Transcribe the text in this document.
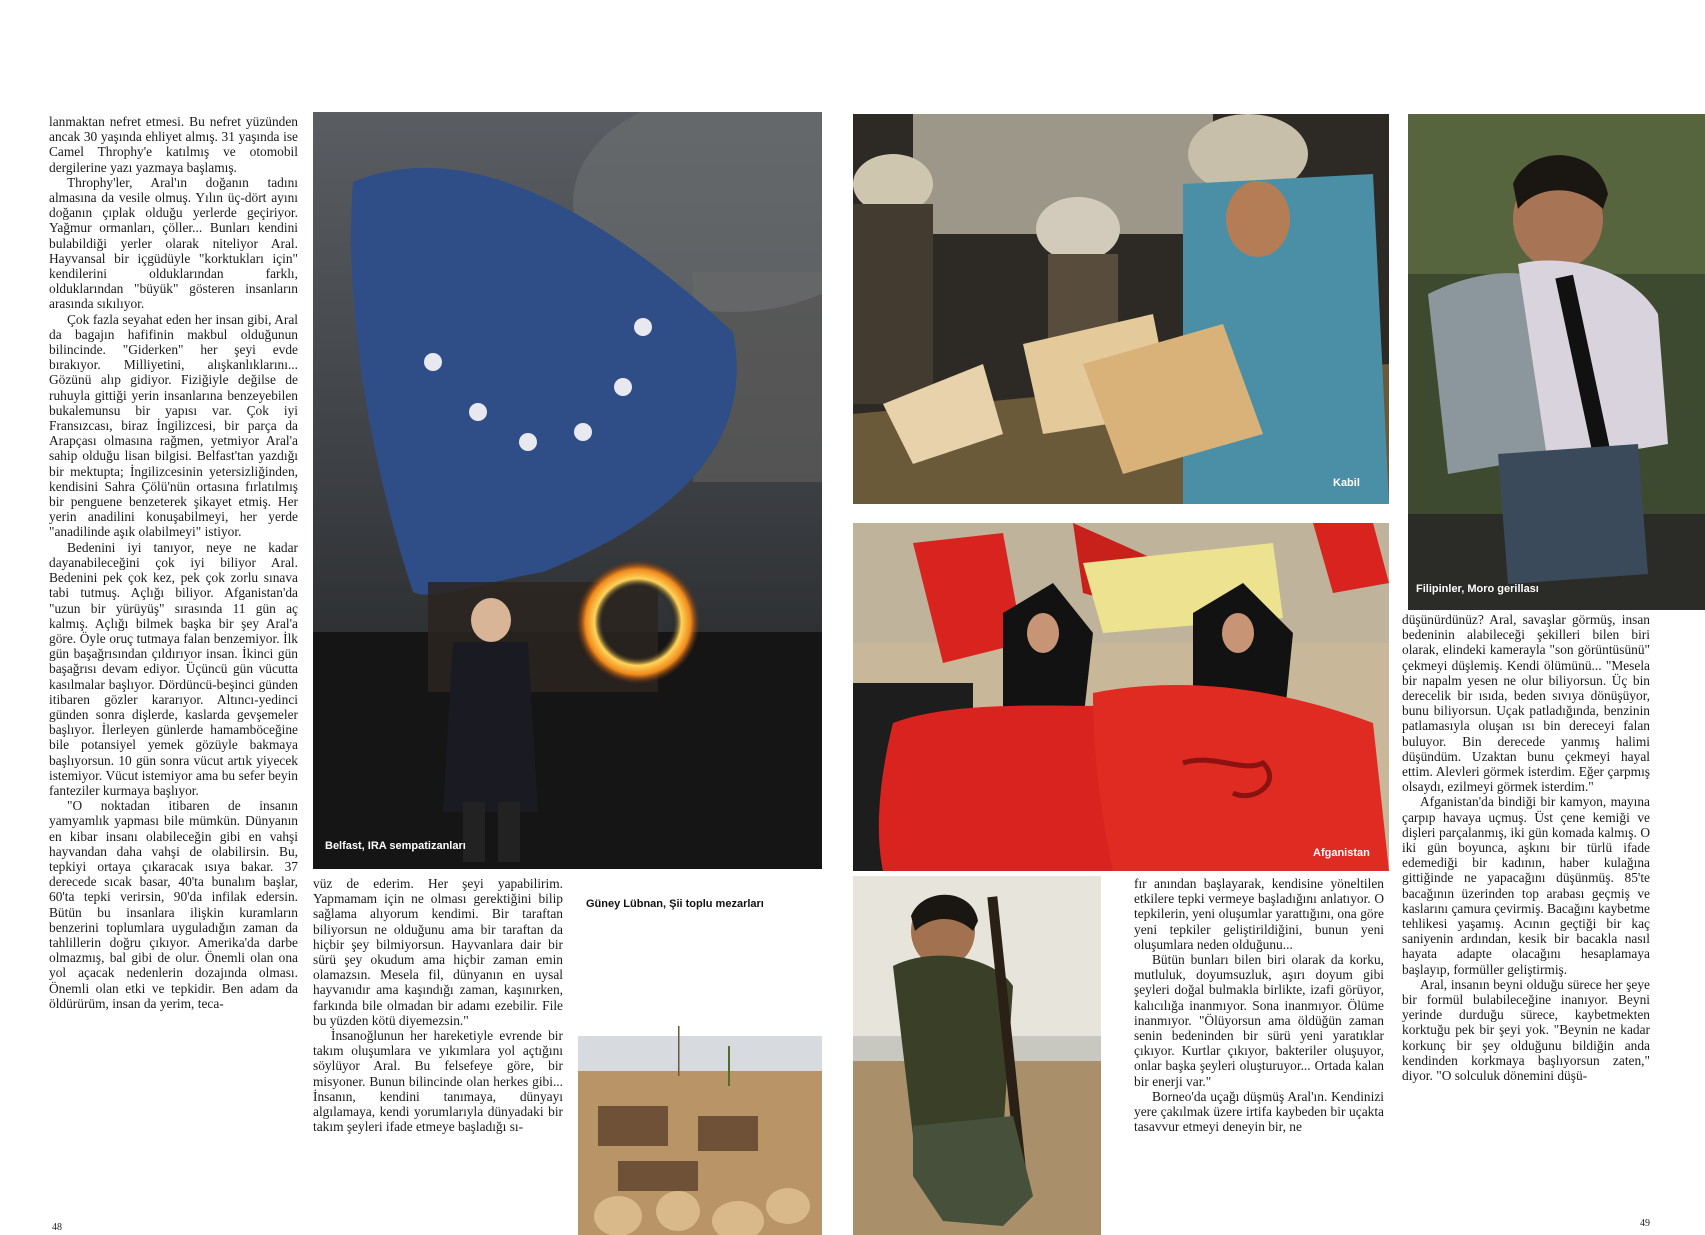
lanmaktan nefret etmesi. Bu nefret yüzünden ancak 30 yaşında ehliyet almış. 31 yaşında ise Camel Throphy'e katılmış ve otomobil dergilerine yazı yazmaya başlamış.

Throphy'ler, Aral'ın doğanın tadını almasına da vesile olmuş. Yılın üç-dört ayını doğanın çıplak olduğu yerlerde geçiriyor. Yağmur ormanları, çöller... Bunları kendini bulabildiği yerler olarak niteliyor Aral. Hayvansal bir içgüdüyle "korktukları için" kendilerini olduklarından farklı, olduklarından "büyük" gösteren insanların arasında sıkılıyor.

Çok fazla seyahat eden her insan gibi, Aral da bagajın hafifinin makbul olduğunun bilincinde. "Giderken" her şeyi evde bırakıyor. Milliyetini, alışkanlıklarını... Gözünü alıp gidiyor. Fiziğiyle değilse de ruhuyla gittiği yerin insanlarına benzeyebilen bukalemunsu bir yapısı var. Çok iyi Fransızcası, biraz İngilizcesi, bir parça da Arapçası olmasına rağmen, yetmiyor Aral'a sahip olduğu lisan bilgisi. Belfast'tan yazdığı bir mektupta; İngilizcesinin yetersizliğinden, kendisini Sahra Çölü'nün ortasına fırlatılmış bir penguene benzeterek şikayet etmiş. Her yerin anadilini konuşabilmeyi, her yerde "anadilinde aşık olabilmeyi" istiyor.

Bedenini iyi tanıyor, neye ne kadar dayanabileceğini çok iyi biliyor Aral. Bedenini pek çok kez, pek çok zorlu sınava tabi tutmuş. Açlığı biliyor. Afganistan'da "uzun bir yürüyüş" sırasında 11 gün aç kalmış. Açlığı bilmek başka bir şey Aral'a göre. Öyle oruç tutmaya falan benzemiyor. İlk gün başağrısından çıldırıyor insan. İkinci gün başağrısı devam ediyor. Üçüncü gün vücutta kasılmalar başlıyor. Dördüncü-beşinci günden itibaren gözler kararıyor. Altıncı-yedinci günden sonra dişlerde, kaslarda gevşemeler başlıyor. İlerleyen günlerde hamamböceğine bile potansiyel yemek gözüyle bakmaya başlıyorsun. 10 gün sonra vücut artık yiyecek istemiyor. Vücut istemiyor ama bu sefer beyin fanteziler kurmaya başlıyor.

"O noktadan itibaren de insanın yamyamlık yapması bile mümkün. Dünyanın en kibar insanı olabileceğin gibi en vahşi hayvandan daha vahşi de olabilirsin. Bu, tepkiyi ortaya çıkaracak ısıya bakar. 37 derecede sıcak basar, 40'ta bunalım başlar, 60'ta tepki verirsin, 90'da infilak edersin. Bütün bu insanlara ilişkin kuramların benzerini toplumlara uyguladığın zaman da tahlillerin doğru çıkıyor. Amerika'da darbe olmazmış, bal gibi de olur. Önemli olan ona yol açacak nedenlerin dozajında olması. Önemli olan etki ve tepkidir. Ben adam da öldürürüm, insan da yerim, teca-

Belfast, IRA sempatizanları

vüz de ederim. Her şeyi yapabilirim. Yapmamam için ne olması gerektiğini bilip sağlama alıyorum kendimi. Bir taraftan biliyorsun ne olduğunu ama bir taraftan da hiçbir şey bilmiyorsun. Hayvanlara dair bir sürü şey okudum ama hiçbir zaman emin olamazsın. Mesela fil, dünyanın en uysal hayvanıdır ama kaşındığı zaman, kaşınırken, farkında bile olmadan bir adamı ezebilir. File bu yüzden kötü diyemezsin."

İnsanoğlunun her hareketiyle evrende bir takım oluşumlara ve yıkımlara yol açtığını söylüyor Aral. Bu felsefeye göre, bir misyoner. Bunun bilincinde olan herkes gibi... İnsanın, kendini tanımaya, dünyayı algılamaya, kendi yorumlarıyla dünyadaki bir takım şeyleri ifade etmeye başladığı sı-

Güney Lübnan, Şii toplu mezarları
48
Kabil
Filipinler, Moro gerillası
Afganistan

fır anından başlayarak, kendisine yöneltilen etkilere tepki vermeye başladığını anlatıyor. O tepkilerin, yeni oluşumlar yarattığını, ona göre yeni tepkiler geliştirildiğini, bunun yeni oluşumlara neden olduğunu...

Bütün bunları bilen biri olarak da korku, mutluluk, doyumsuzluk, aşırı doyum gibi şeyleri doğal bulmakla birlikte, izafi görüyor, kalıcılığa inanmıyor. Sona inanmıyor. Ölüme inanmıyor. "Ölüyorsun ama öldüğün zaman senin bedeninden bir sürü yeni yaratıklar çıkıyor. Kurtlar çıkıyor, bakteriler oluşuyor, onlar başka şeyleri oluşturuyor... Ortada kalan bir enerji var."

Borneo'da uçağı düşmüş Aral'ın. Kendinizi yere çakılmak üzere irtifa kaybeden bir uçakta tasavvur etmeyi deneyin bir, ne

düşünürdünüz? Aral, savaşlar görmüş, insan bedeninin alabileceği şekilleri bilen biri olarak, elindeki kamerayla "son görüntüsünü" çekmeyi düşlemiş. Kendi ölümünü... "Mesela bir napalm yesen ne olur biliyorsun. Üç bin derecelik bir ısıda, beden sıvıya dönüşüyor, bunu biliyorsun. Uçak patladığında, benzinin patlamasıyla oluşan ısı bin dereceyi falan buluyor. Bin derecede yanmış halimi düşündüm. Uzaktan bunu çekmeyi hayal ettim. Alevleri görmek isterdim. Eğer çarpmış olsaydı, ezilmeyi görmek isterdim."

Afganistan'da bindiği bir kamyon, mayına çarpıp havaya uçmuş. Üst çene kemiği ve dişleri parçalanmış, iki gün komada kalmış. O iki gün boyunca, aşkını bir türlü ifade edemediği bir kadının, haber kulağına gittiğinde ne yapacağını düşünmüş. 85'te bacağının üzerinden top arabası geçmiş ve kaslarını çamura çevirmiş. Bacağını kaybetme tehlikesi yaşamış. Acının geçtiği bir kaç saniyenin ardından, kesik bir bacakla nasıl hayata adapte olacağını hesaplamaya başlayıp, formüller geliştirmiş.

Aral, insanın beyni olduğu sürece her şeye bir formül bulabileceğine inanıyor. Beyni yerinde durduğu sürece, kaybetmekten korktuğu pek bir şeyi yok. "Beynin ne kadar korkunç bir şey olduğunu bildiğin anda kendinden korkmaya başlıyorsun zaten," diyor. "O solculuk dönemini düşü-

49
